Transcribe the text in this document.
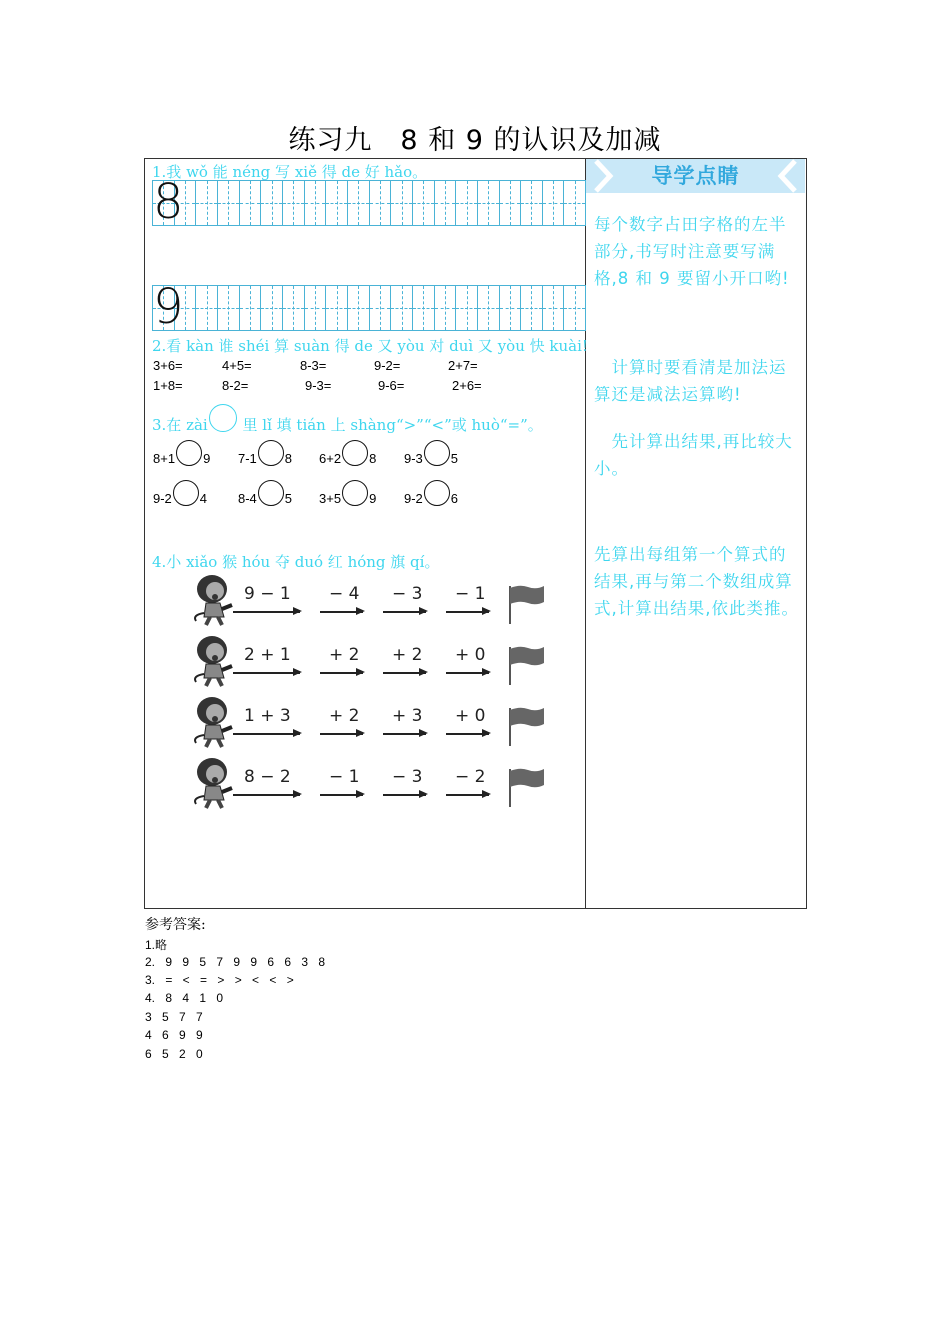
练习九　8 和 9 的认识及加减
1.我 wǒ 能 néng 写 xiě 得 de 好 hǎo。
8
9
2.看 kàn 谁 shéi 算 suàn 得 de 又 yòu 对 duì 又 yòu 快 kuài!
3+6=	4+5=	8-3=	9-2=	2+7=
1+8=	8-2=	9-3=	9-6=	2+6=
3.在 zài 里 lǐ 填 tián 上 shàng“>”“<”或 huò“=”。
8+1 9 7-1 8 6+2 8 9-3 5
9-2 4 8-4 5 3+5 9 9-2 6
4.小 xiǎo 猴 hóu 夺 duó 红 hóng 旗 qí。
9 − 1 − 4 − 3 − 1
2 + 1 + 2 + 2 + 0
1 + 3 + 2 + 3 + 0
8 − 2 − 1 − 3 − 2
导学点睛
每个数字占田字格的左半部分,书写时注意要写满格,8 和 9 要留小开口哟!
　计算时要看清是加法运算还是减法运算哟!
　先计算出结果,再比较大小。
先算出每组第一个算式的结果,再与第二个数组成算式,计算出结果,依此类推。
参考答案:
1.略
2. 9 9 5 7 9 9 6 6 3 8
3. = < = > > < < >
4. 8 4 1 0
3 5 7 7
4 6 9 9
6 5 2 0
